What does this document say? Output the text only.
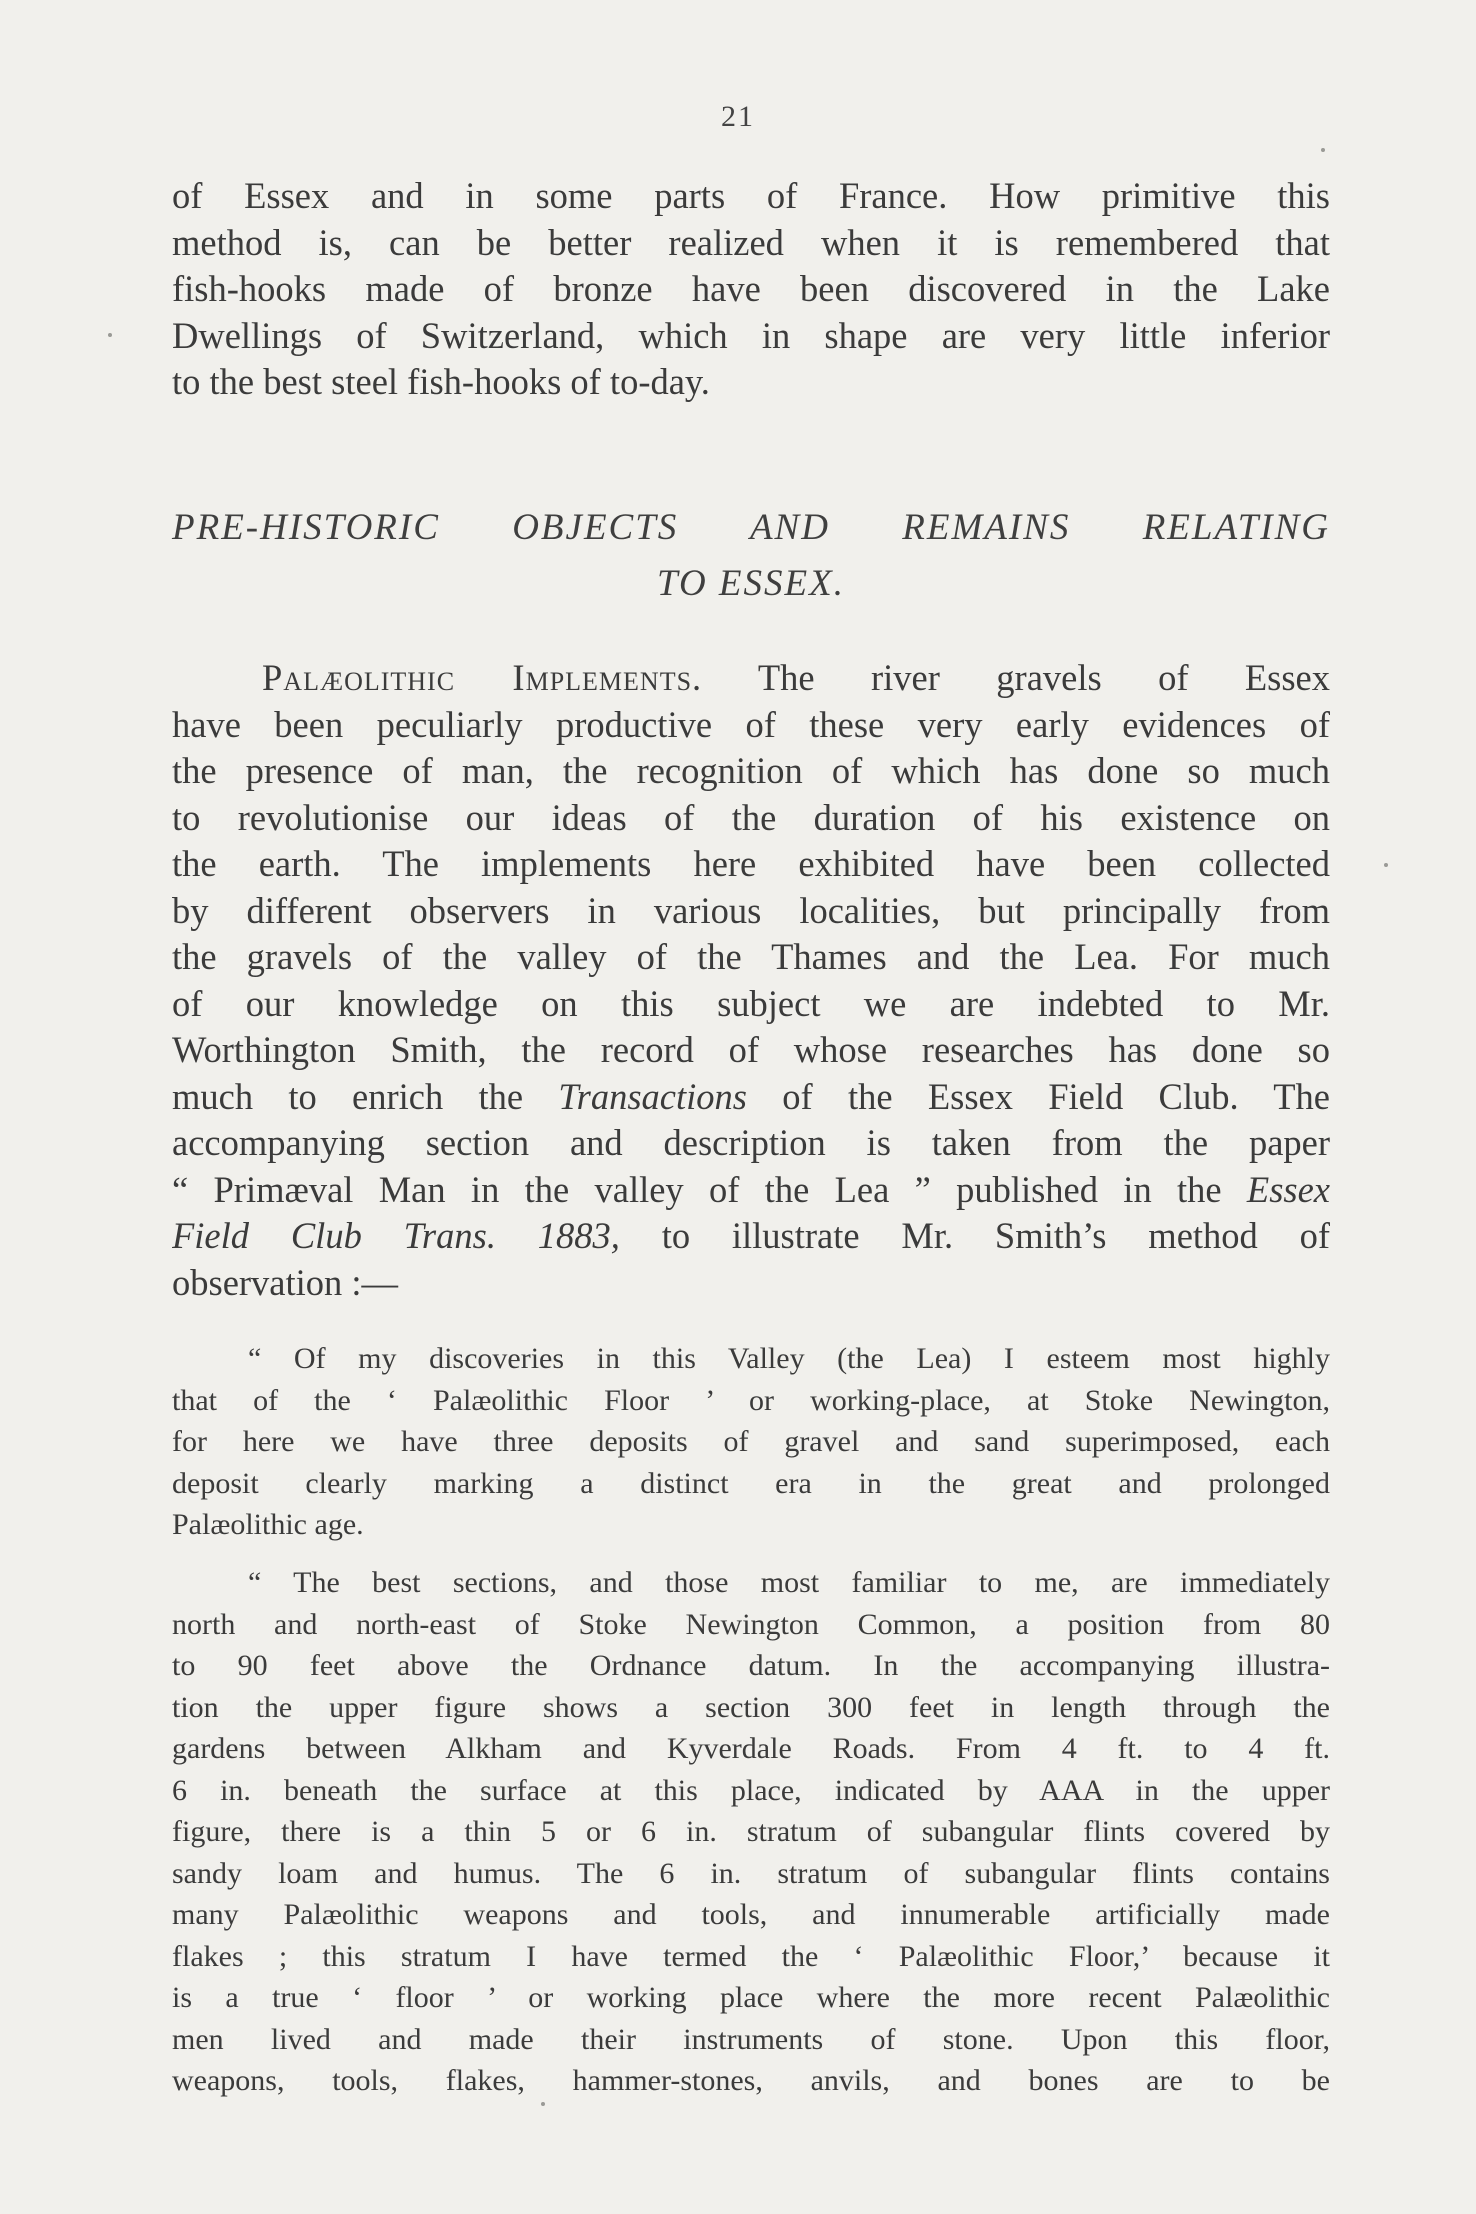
21
of Essex and in some parts of France. How primitive this
method is, can be better realized when it is remembered that
fish-hooks made of bronze have been discovered in the Lake
Dwellings of Switzerland, which in shape are very little inferior
to the best steel fish-hooks of to-day.
PRE-HISTORIC OBJECTS AND REMAINS RELATING
TO ESSEX.
Palæolithic Implements. The river gravels of Essex
have been peculiarly productive of these very early evidences of
the presence of man, the recognition of which has done so much
to revolutionise our ideas of the duration of his existence on
the earth. The implements here exhibited have been collected
by different observers in various localities, but principally from
the gravels of the valley of the Thames and the Lea. For much
of our knowledge on this subject we are indebted to Mr.
Worthington Smith, the record of whose researches has done so
much to enrich the Transactions of the Essex Field Club. The
accompanying section and description is taken from the paper
“ Primæval Man in the valley of the Lea ” published in the Essex
Field Club Trans. 1883, to illustrate Mr. Smith’s method of
observation :—
“ Of my discoveries in this Valley (the Lea) I esteem most highly
that of the ‘ Palæolithic Floor ’ or working-place, at Stoke Newington,
for here we have three deposits of gravel and sand superimposed, each
deposit clearly marking a distinct era in the great and prolonged
Palæolithic age.
“ The best sections, and those most familiar to me, are immediately
north and north-east of Stoke Newington Common, a position from 80
to 90 feet above the Ordnance datum. In the accompanying illustra-
tion the upper figure shows a section 300 feet in length through the
gardens between Alkham and Kyverdale Roads. From 4 ft. to 4 ft.
6 in. beneath the surface at this place, indicated by AAA in the upper
figure, there is a thin 5 or 6 in. stratum of subangular flints covered by
sandy loam and humus. The 6 in. stratum of subangular flints contains
many Palæolithic weapons and tools, and innumerable artificially made
flakes ; this stratum I have termed the ‘ Palæolithic Floor,’ because it
is a true ‘ floor ’ or working place where the more recent Palæolithic
men lived and made their instruments of stone. Upon this floor,
weapons, tools, flakes, hammer-stones, anvils, and bones are to be
